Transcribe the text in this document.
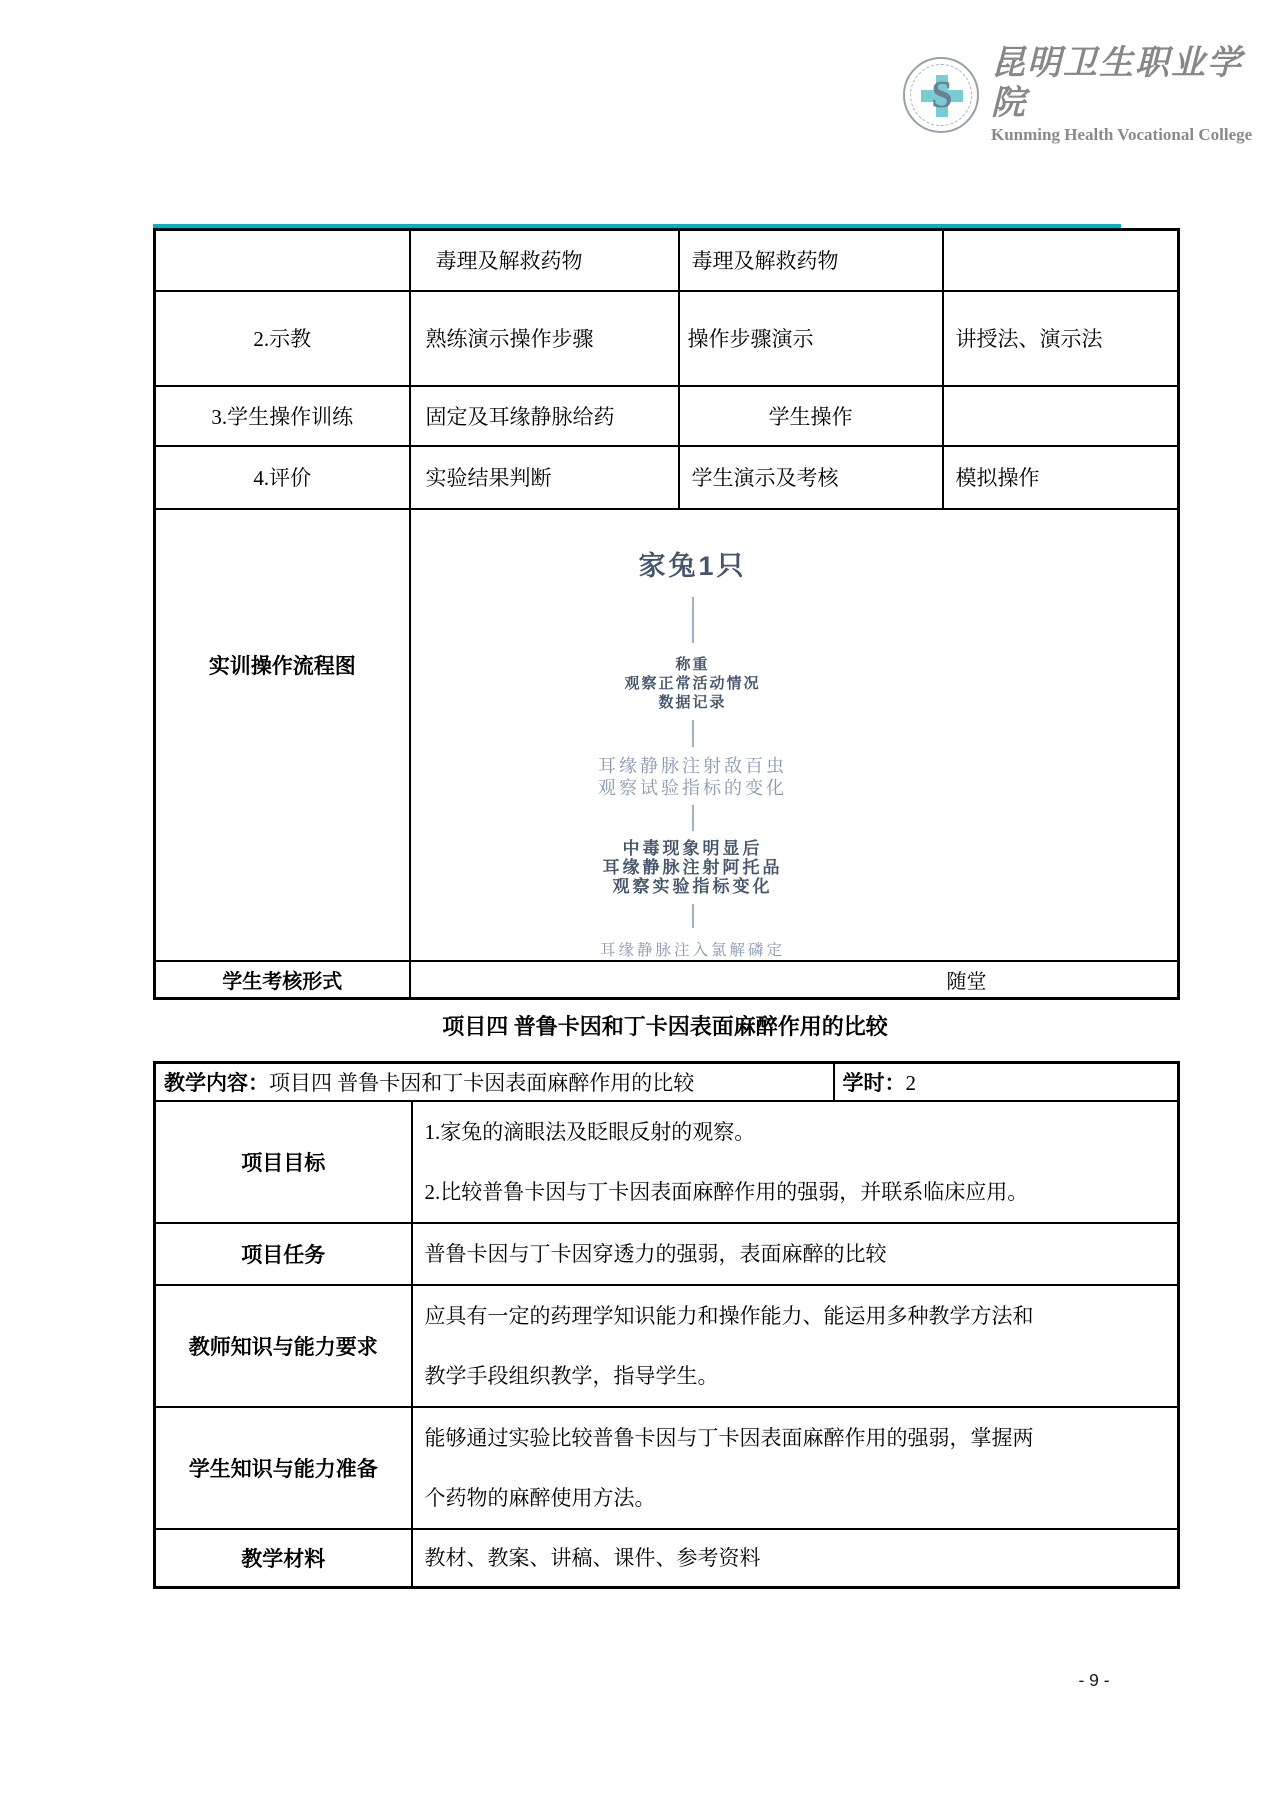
S
昆明卫生职业学院
Kunming Health Vocational College
	毒理及解救药物	毒理及解救药物	
2.示教	熟练演示操作步骤	操作步骤演示	讲授法、演示法
3.学生操作训练	固定及耳缘静脉给药	学生操作	
4.评价	实验结果判断	学生演示及考核	模拟操作
实训操作流程图	
家兔1只
称重
观察正常活动情况
数据记录
耳缘静脉注射敌百虫
观察试验指标的变化
中毒现象明显后
耳缘静脉注射阿托品
观察实验指标变化
耳缘静脉注入氯解磷定

学生考核形式	随堂		
项目四 普鲁卡因和丁卡因表面麻醉作用的比较
教学内容：项目四 普鲁卡因和丁卡因表面麻醉作用的比较		学时：2
项目目标	1.家兔的滴眼法及眨眼反射的观察。
2.比较普鲁卡因与丁卡因表面麻醉作用的强弱，并联系临床应用。	

项目任务	普鲁卡因与丁卡因穿透力的强弱，表面麻醉的比较	

教师知识与能力要求	应具有一定的药理学知识能力和操作能力、能运用多种教学方法和
教学手段组织教学，指导学生。	

学生知识与能力准备	能够通过实验比较普鲁卡因与丁卡因表面麻醉作用的强弱，掌握两
个药物的麻醉使用方法。	

教学材料	教材、教案、讲稿、课件、参考资料	
- 9 -
